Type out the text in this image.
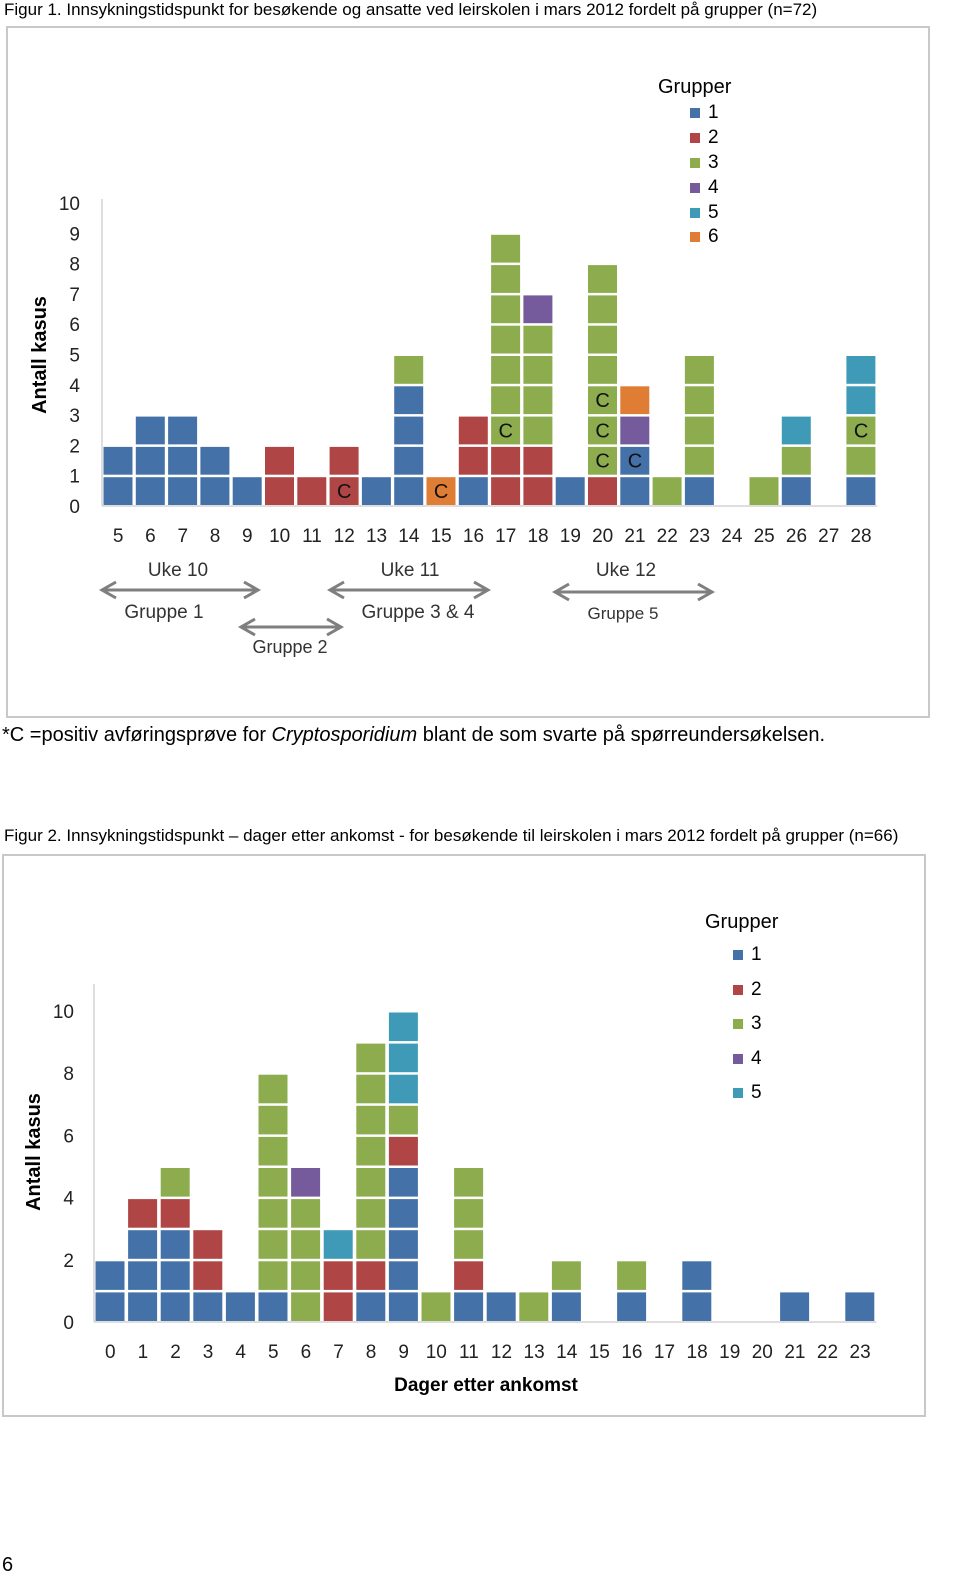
Figur 1. Innsykningstidspunkt for besøkende og ansatte ved leirskolen i mars 2012 fordelt på grupper (n=72)
Grupper
1
2
3
4
5
6
0
1
2
3
4
5
6
7
8
9
10
Antall kasus
5 6 7 8 9 10 11 12 13 14 15 16 17 18 19 20 21 22 23 24 25 26 27 28
C	C
C
C
C
C
C
C
Uke 10
Gruppe 1
Gruppe 2
Uke 11
Gruppe 3 & 4
Uke 12
Gruppe 5
*C =positiv avføringsprøve for Cryptosporidium blant de som svarte på spørreundersøkelsen.
Figur 2. Innsykningstidspunkt – dager etter ankomst - for besøkende til leirskolen i mars 2012 fordelt på grupper (n=66)
Grupper
1
2
3
4
5
0
2
4
6
8
10
Antall kasus
0 1 2 3 4 5 6 7 8 9 10 11 12 13 14 15 16 17 18 19 20 21 22 23
Dager etter ankomst
6
